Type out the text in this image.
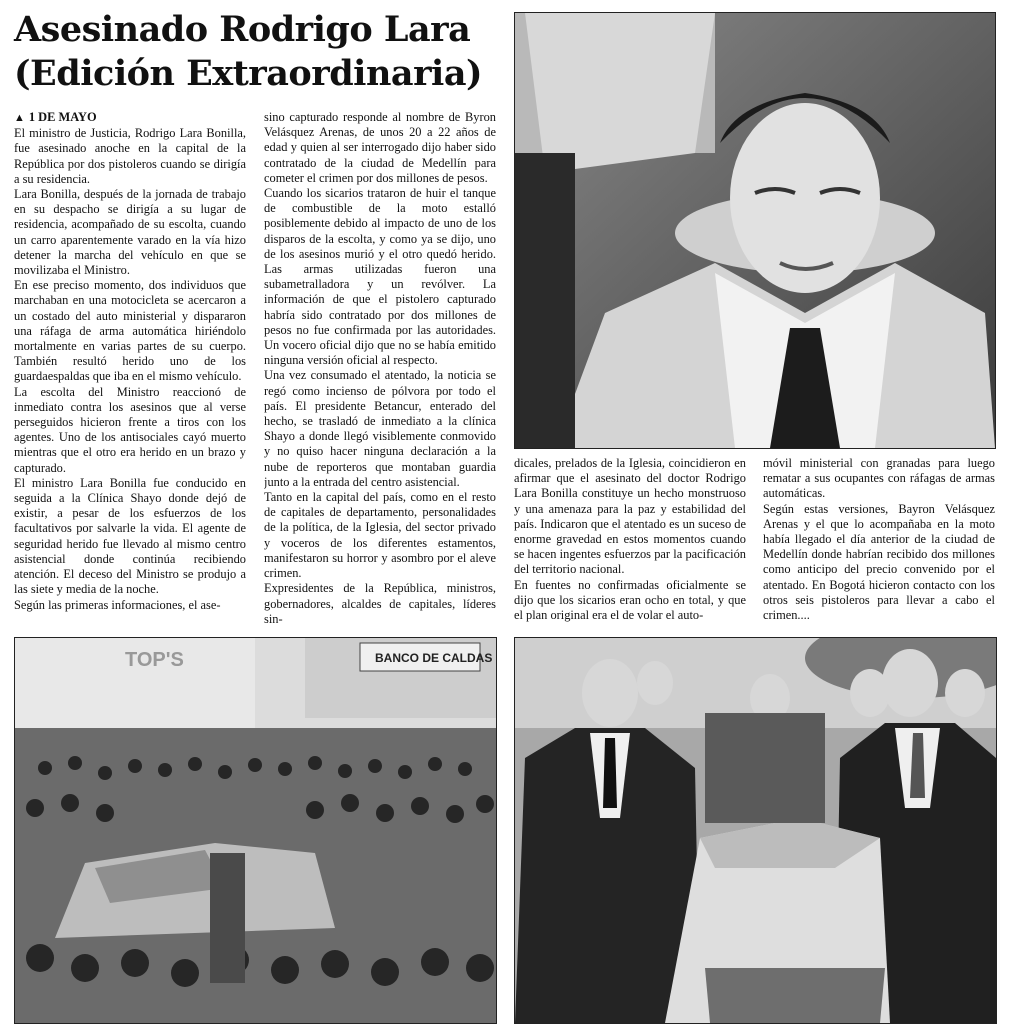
Asesinado Rodrigo Lara
(Edición Extraordinaria)

▲ 1 DE MAYO

El ministro de Justicia, Rodrigo Lara Bonilla, fue asesinado anoche en la capital de la República por dos pistoleros cuando se dirigía a su residencia.

Lara Bonilla, después de la jornada de trabajo en su despacho se dirigía a su lugar de residencia, acompañado de su escolta, cuando un carro aparentemente varado en la vía hizo detener la marcha del vehículo en que se movilizaba el Ministro.

En ese preciso momento, dos individuos que marchaban en una motocicleta se acercaron a un costado del auto ministerial y dispararon una ráfaga de arma automática hiriéndolo mortalmente en varias partes de su cuerpo. También resultó herido uno de los guardaespaldas que iba en el mismo vehículo.

La escolta del Ministro reaccionó de inmediato contra los asesinos que al verse perseguidos hicieron frente a tiros con los agentes. Uno de los antisociales cayó muerto mientras que el otro era herido en un brazo y capturado.

El ministro Lara Bonilla fue conducido en seguida a la Clínica Shayo donde dejó de existir, a pesar de los esfuerzos de los facultativos por salvarle la vida. El agente de seguridad herido fue llevado al mismo centro asistencial donde continúa recibiendo atención. El deceso del Ministro se produjo a las siete y media de la noche.

Según las primeras informaciones, el ase-

sino capturado responde al nombre de Byron Velásquez Arenas, de unos 20 a 22 años de edad y quien al ser interrogado dijo haber sido contratado de la ciudad de Medellín para cometer el crimen por dos millones de pesos.

Cuando los sicarios trataron de huir el tanque de combustible de la moto estalló posiblemente debido al impacto de uno de los disparos de la escolta, y como ya se dijo, uno de los asesinos murió y el otro quedó herido. Las armas utilizadas fueron una subametralladora y un revólver. La información de que el pistolero capturado habría sido contratado por dos millones de pesos no fue confirmada por las autoridades. Un vocero oficial dijo que no se había emitido ninguna versión oficial al respecto.

Una vez consumado el atentado, la noticia se regó como incienso de pólvora por todo el país. El presidente Betancur, enterado del hecho, se trasladó de inmediato a la clínica Shayo a donde llegó visiblemente conmovido y no quiso hacer ninguna declaración a la nube de reporteros que montaban guardia junto a la entrada del centro asistencial.

Tanto en la capital del país, como en el resto de capitales de departamento, personalidades de la política, de la Iglesia, del sector privado y voceros de los diferentes estamentos, manifestaron su horror y asombro por el aleve crimen.

Expresidentes de la República, ministros, gobernadores, alcaldes de capitales, líderes sin-

dicales, prelados de la Iglesia, coincidieron en afirmar que el asesinato del doctor Rodrigo Lara Bonilla constituye un hecho monstruoso y una amenaza para la paz y estabilidad del país. Indicaron que el atentado es un suceso de enorme gravedad en estos momentos cuando se hacen ingentes esfuerzos par la pacificación del territorio nacional.

En fuentes no confirmadas oficialmente se dijo que los sicarios eran ocho en total, y que el plan original era el de volar el auto-

móvil ministerial con granadas para luego rematar a sus ocupantes con ráfagas de armas automáticas.

Según estas versiones, Bayron Velásquez Arenas y el que lo acompañaba en la moto había llegado el día anterior de la ciudad de Medellín donde habrían recibido dos millones como anticipo del precio convenido por el atentado. En Bogotá hicieron contacto con los otros seis pistoleros para llevar a cabo el crimen....

BANCO DE CALDAS
TOP'S
